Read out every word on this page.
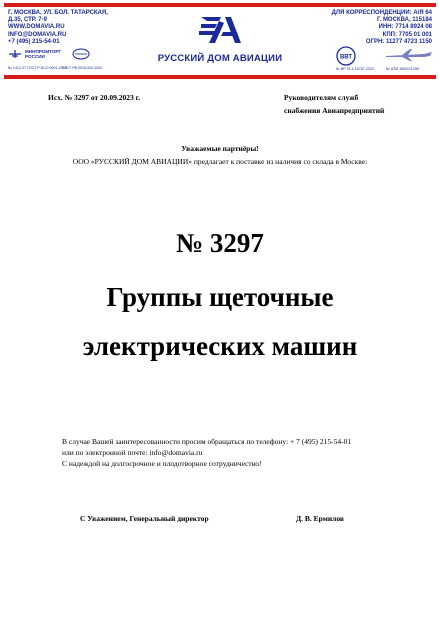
Г. МОСКВА, УЛ. БОЛ. ТАТАРСКАЯ,
Д.35, СТР. 7-9
WWW.DOMAVIA.RU
INFO@DOMAVIA.RU
+7 (495) 215-54-01
МИНПРОМТОРГ
РОССИИ
№ 1412-07 ГОСТ Р ИСО 9001-2015
ГОСТ РВ 0015-002-2020
РУССКИЙ ДОМ АВИАЦИИ
ДЛЯ КОРРЕСПОНДЕНЦИИ: А/Я 64
Г. МОСКВА, 115184
ИНН: 7714 8924 08
КПП: 7705 01 001
ОГРН: 11277 4723 1150
ВВТ
№ ВР 31.1.16787-2022	№ АТМ 1605/23.055
Исх. № 3297 от 20.09.2023 г.	Руководителям служб
снабжения Авиапредприятий
Уважаемые партнёры!
ООО «РУССКИЙ ДОМ АВИАЦИИ» предлагает к поставке из наличия со склада в Москве:
№ 3297
Группы щеточные
электрических машин
В случае Вашей заинтересованности просим обращаться по телефону: + 7 (495) 215-54-01
или по электронной почте: info@domavia.ru
С надеждой на долгосрочное и плодотворное сотрудничество!
С Уважением, Генеральный директор	Д. В. Ермилов
